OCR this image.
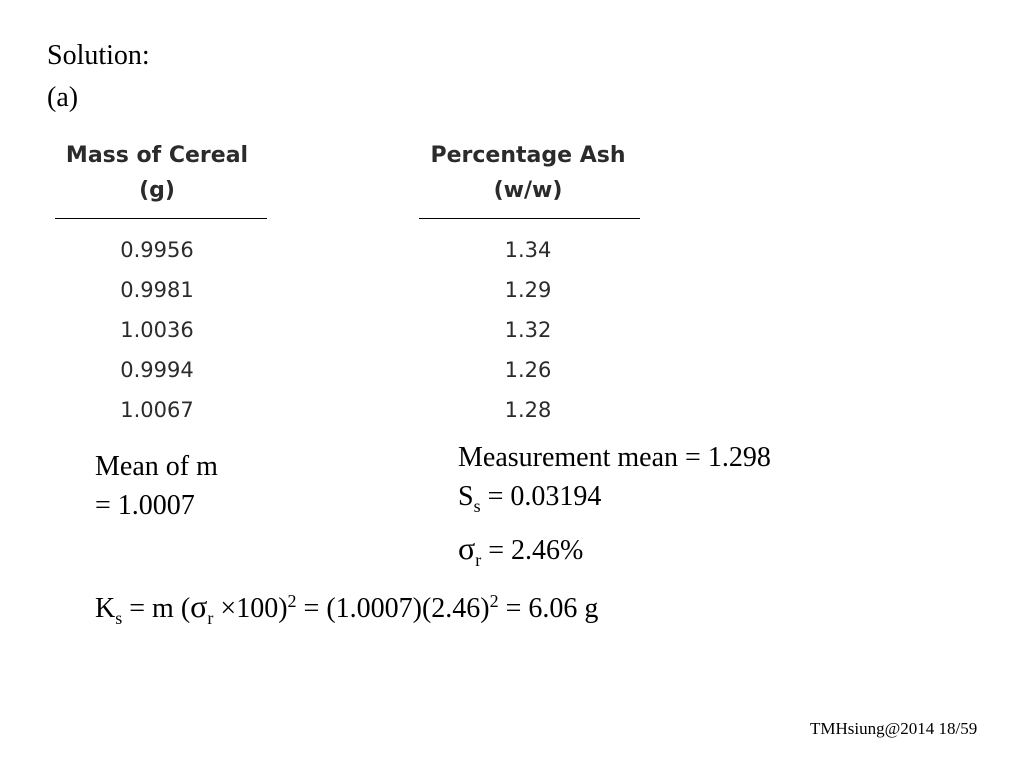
Solution:
(a)
Mass of Cereal
(g)
Percentage Ash
(w/w)
0.9956
0.9981
1.0036
0.9994
1.0067
1.34
1.29
1.32
1.26
1.28
Mean of m
= 1.0007
Measurement mean = 1.298
$S_s = 0.03194$
$\sigma_r = 2.46\%$
$K_s = m$ $(\sigma_r \times 100)^2 = (1.0007)(2.46)^2 = 6.06$ g
TMHsiung@2014 18/59
